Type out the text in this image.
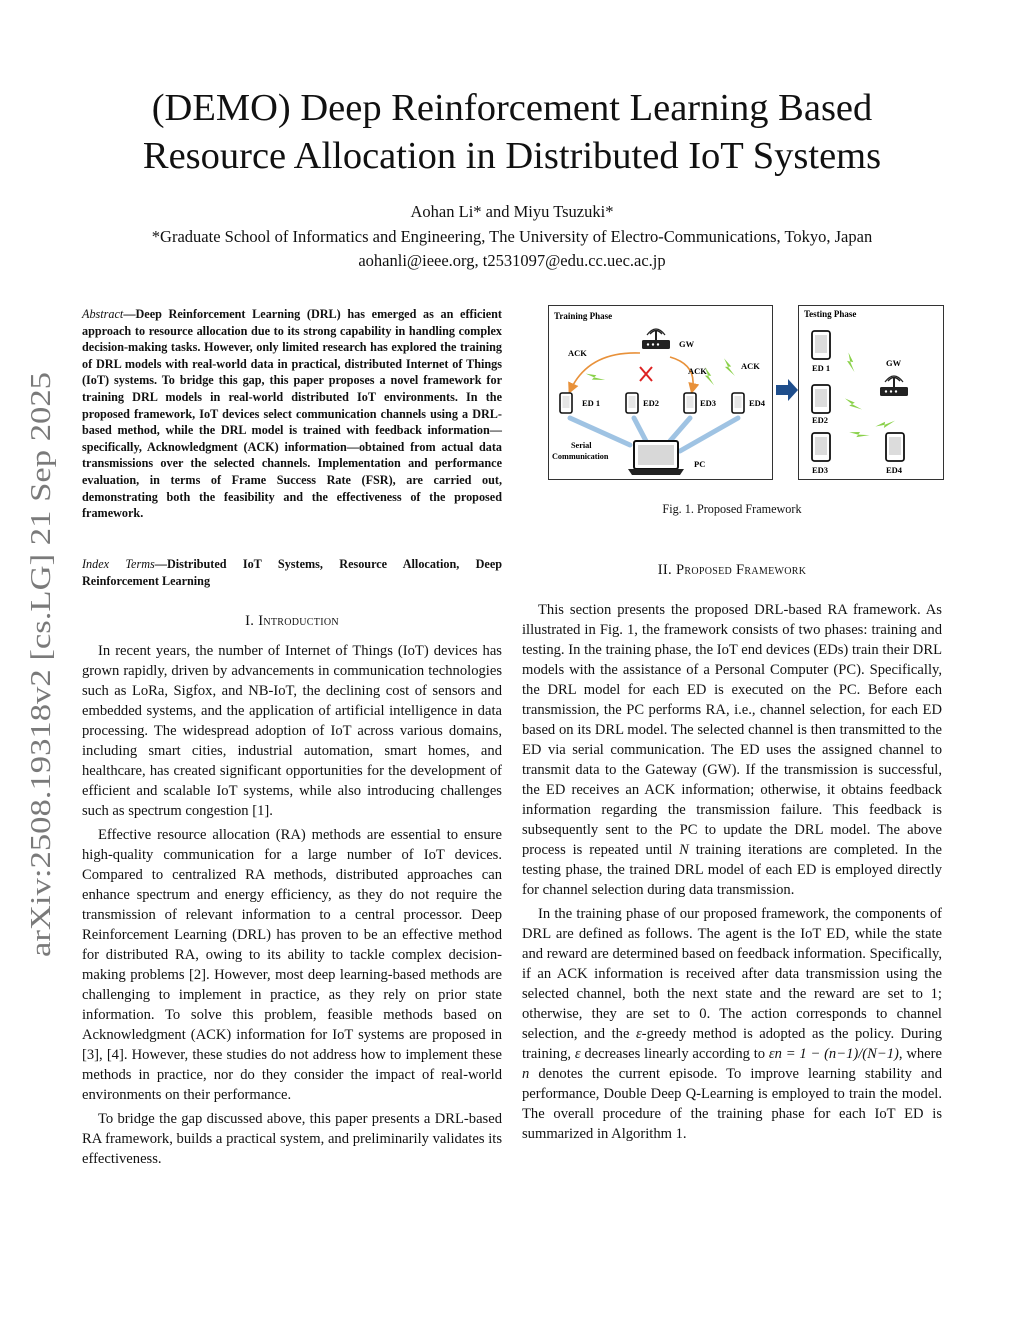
arXiv:2508.19318v2 [cs.LG] 21 Sep 2025
(DEMO) Deep Reinforcement Learning Based
Resource Allocation in Distributed IoT Systems
Aohan Li* and Miyu Tsuzuki*
*Graduate School of Informatics and Engineering, The University of Electro-Communications, Tokyo, Japan
aohanli@ieee.org, t2531097@edu.cc.uec.ac.jp
Abstract—Deep Reinforcement Learning (DRL) has emerged as an efficient approach to resource allocation due to its strong capability in handling complex decision-making tasks. However, only limited research has explored the training of DRL models with real-world data in practical, distributed Internet of Things (IoT) systems. To bridge this gap, this paper proposes a novel framework for training DRL models in real-world distributed IoT environments. In the proposed framework, IoT devices select communication channels using a DRL-based method, while the DRL model is trained with feedback information—specifically, Acknowledgment (ACK) information—obtained from actual data transmissions over the selected channels. Implementation and performance evaluation, in terms of Frame Success Rate (FSR), are carried out, demonstrating both the feasibility and the effectiveness of the proposed framework.
Index Terms—Distributed IoT Systems, Resource Allocation, Deep Reinforcement Learning
I. Introduction

In recent years, the number of Internet of Things (IoT) devices has grown rapidly, driven by advancements in communication technologies such as LoRa, Sigfox, and NB-IoT, the declining cost of sensors and embedded systems, and the application of artificial intelligence in data processing. The widespread adoption of IoT across various domains, including smart cities, industrial automation, smart homes, and healthcare, has created significant opportunities for the development of efficient and scalable IoT systems, while also introducing challenges such as spectrum congestion [1].

Effective resource allocation (RA) methods are essential to ensure high-quality communication for a large number of IoT devices. Compared to centralized RA methods, distributed approaches can enhance spectrum and energy efficiency, as they do not require the transmission of relevant information to a central processor. Deep Reinforcement Learning (DRL) has proven to be an effective method for distributed RA, owing to its ability to tackle complex decision-making problems [2]. However, most deep learning-based methods are challenging to implement in practice, as they rely on prior state information. To solve this problem, feasible methods based on Acknowledgment (ACK) information for IoT systems are proposed in [3], [4]. However, these studies do not address how to implement these methods in practice, nor do they consider the impact of real-world environments on their performance.

To bridge the gap discussed above, this paper presents a DRL-based RA framework, builds a practical system, and preliminarily validates its effectiveness.

Training Phase
GW
ACK
ACK	ACK
ED 1	ED2	ED3	ED4
PC
Serial
Communication
Testing Phase
ED 1
ED2
ED3	ED4
GW
Fig. 1. Proposed Framework
II. Proposed Framework

This section presents the proposed DRL-based RA framework. As illustrated in Fig. 1, the framework consists of two phases: training and testing. In the training phase, the IoT end devices (EDs) train their DRL models with the assistance of a Personal Computer (PC). Specifically, the DRL model for each ED is executed on the PC. Before each transmission, the PC performs RA, i.e., channel selection, for each ED based on its DRL model. The selected channel is then transmitted to the ED via serial communication. The ED uses the assigned channel to transmit data to the Gateway (GW). If the transmission is successful, the ED receives an ACK information; otherwise, it obtains feedback information regarding the transmission failure. This feedback is subsequently sent to the PC to update the DRL model. The above process is repeated until N training iterations are completed. In the testing phase, the trained DRL model of each ED is employed directly for channel selection during data transmission.

In the training phase of our proposed framework, the components of DRL are defined as follows. The agent is the IoT ED, while the state and reward are determined based on feedback information. Specifically, if an ACK information is received after data transmission using the selected channel, both the next state and the reward are set to 1; otherwise, they are set to 0. The action corresponds to channel selection, and the ε-greedy method is adopted as the policy. During training, ε decreases linearly according to εn = 1 − (n−1)/(N−1), where n denotes the current episode. To improve learning stability and performance, Double Deep Q-Learning is employed to train the model. The overall procedure of the training phase for each IoT ED is summarized in Algorithm 1.
